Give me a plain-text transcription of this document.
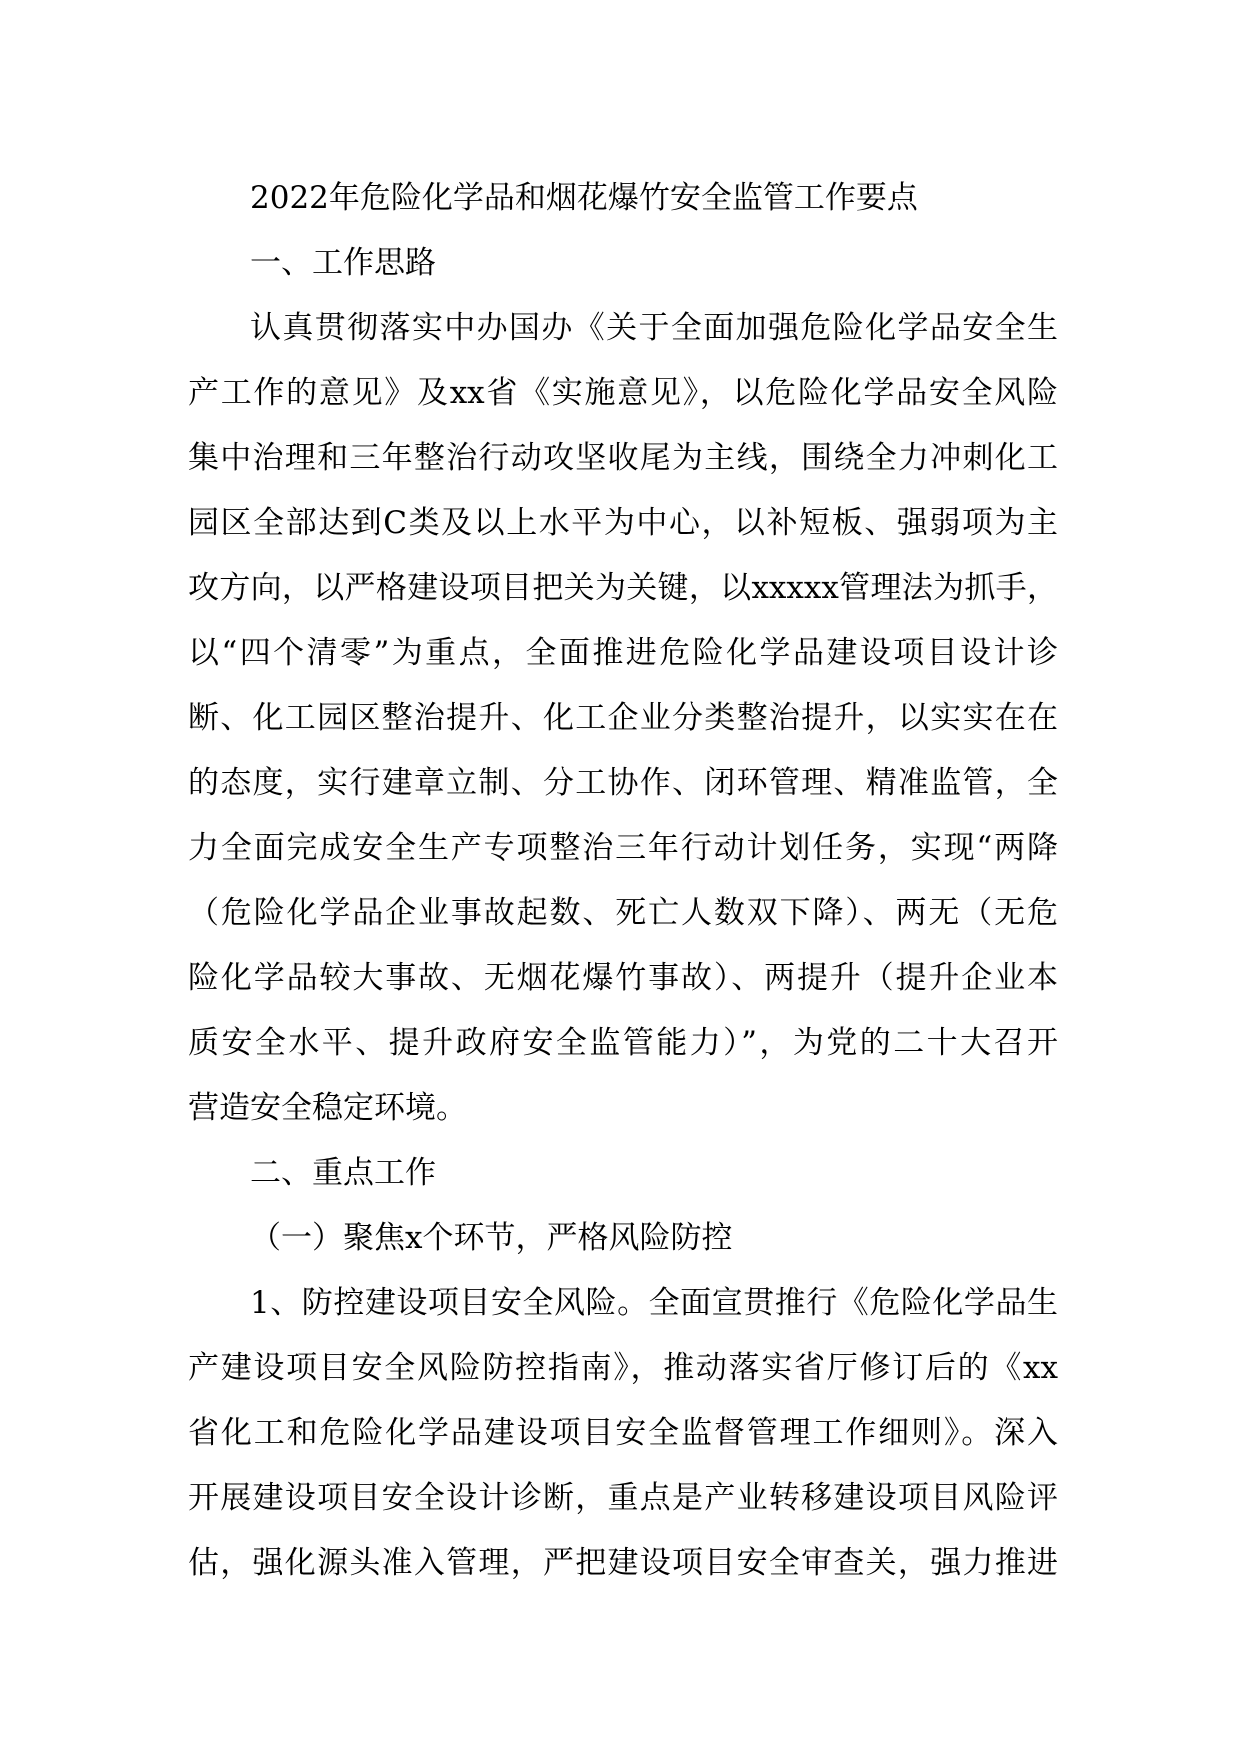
2022年危险化学品和烟花爆竹安全监管工作要点
一、工作思路
认真贯彻落实中办国办《关于全面加强危险化学品安全生
产工作的意见》及xx省《实施意见》，以危险化学品安全风险
集中治理和三年整治行动攻坚收尾为主线，围绕全力冲刺化工
园区全部达到C类及以上水平为中心，以补短板、强弱项为主
攻方向，以严格建设项目把关为关键，以xxxxx管理法为抓手，
以“四个清零”为重点，全面推进危险化学品建设项目设计诊
断、化工园区整治提升、化工企业分类整治提升，以实实在在
的态度，实行建章立制、分工协作、闭环管理、精准监管，全
力全面完成安全生产专项整治三年行动计划任务，实现“两降
（危险化学品企业事故起数、死亡人数双下降）、两无（无危
险化学品较大事故、无烟花爆竹事故）、两提升（提升企业本
质安全水平、提升政府安全监管能力）”，为党的二十大召开
营造安全稳定环境。
二、重点工作
（一）聚焦x个环节，严格风险防控
1、防控建设项目安全风险。全面宣贯推行《危险化学品生
产建设项目安全风险防控指南》，推动落实省厅修订后的《xx
省化工和危险化学品建设项目安全监督管理工作细则》。深入
开展建设项目安全设计诊断，重点是产业转移建设项目风险评
估，强化源头准入管理，严把建设项目安全审查关，强力推进
